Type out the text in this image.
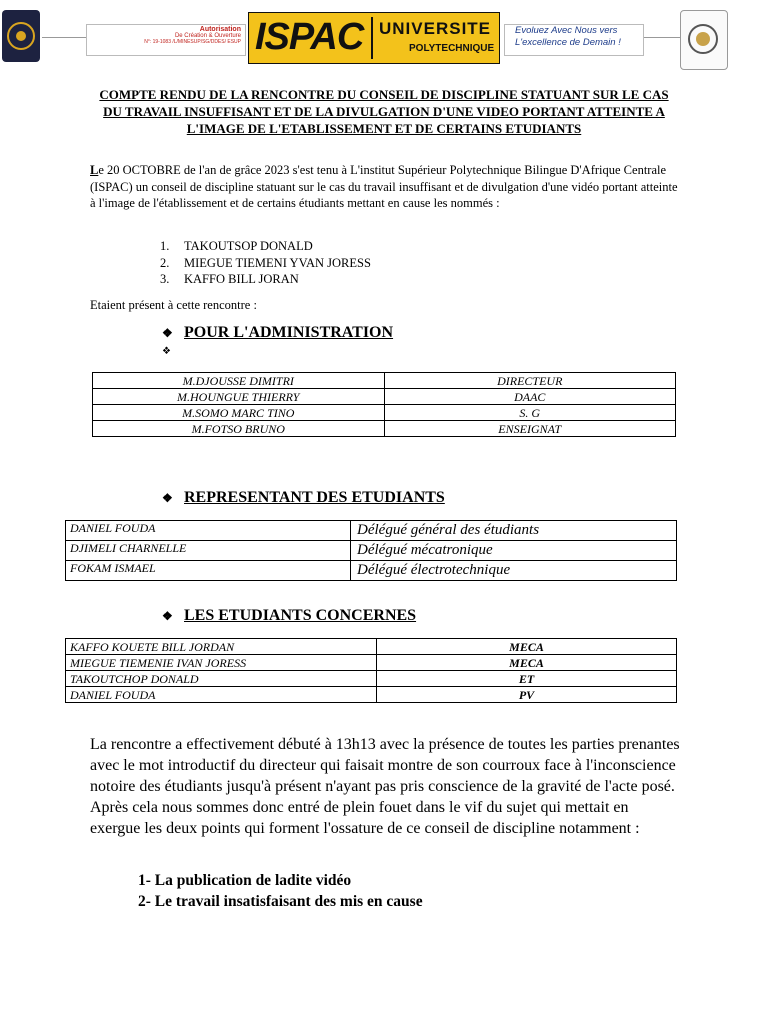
Autorisation
De Création & Ouverture
N°: 19-1083 /L/MINESUP/SG/DDES/ ESUP ISPAC UNIVERSITE
POLYTECHNIQUE
Evoluez Avec Nous vers
L'excellence de Demain !
COMPTE RENDU DE LA RENCONTRE DU CONSEIL DE DISCIPLINE STATUANT SUR LE CAS DU TRAVAIL INSUFFISANT ET DE LA DIVULGATION D'UNE VIDEO PORTANT ATTEINTE A L'IMAGE DE L'ETABLISSEMENT ET DE CERTAINS ETUDIANTS
Le 20 OCTOBRE de l'an de grâce 2023 s'est tenu à L'institut Supérieur Polytechnique Bilingue D'Afrique Centrale (ISPAC) un conseil de discipline statuant sur le cas du travail insuffisant et de divulgation d'une vidéo portant atteinte à l'image de l'établissement et de certains étudiants mettant en cause les nommés :
1. TAKOUTSOP DONALD
2. MIEGUE TIEMENI YVAN JORESS
3. KAFFO BILL JORAN
Etaient présent à cette rencontre :
❖ POUR L'ADMINISTRATION
❖
M.DJOUSSE DIMITRI	DIRECTEUR
M.HOUNGUE THIERRY	DAAC
M.SOMO MARC TINO	S. G
M.FOTSO BRUNO	ENSEIGNAT
❖ REPRESENTANT DES ETUDIANTS
DANIEL FOUDA	Délégué général des étudiants
DJIMELI CHARNELLE	Délégué mécatronique
FOKAM ISMAEL	Délégué électrotechnique
❖ LES ETUDIANTS CONCERNES
KAFFO KOUETE BILL JORDAN	MECA
MIEGUE TIEMENIE IVAN JORESS	MECA
TAKOUTCHOP DONALD	ET
DANIEL FOUDA	PV
La rencontre a effectivement débuté à 13h13 avec la présence de toutes les parties prenantes avec le mot introductif du directeur qui faisait montre de son courroux face à l'inconscience notoire des étudiants jusqu'à présent n'ayant pas pris conscience de la gravité de l'acte posé. Après cela nous sommes donc entré de plein fouet dans le vif du sujet qui mettait en exergue les deux points qui forment l'ossature de ce conseil de discipline notamment :
1- La publication de ladite vidéo
2- Le travail insatisfaisant des mis en cause
